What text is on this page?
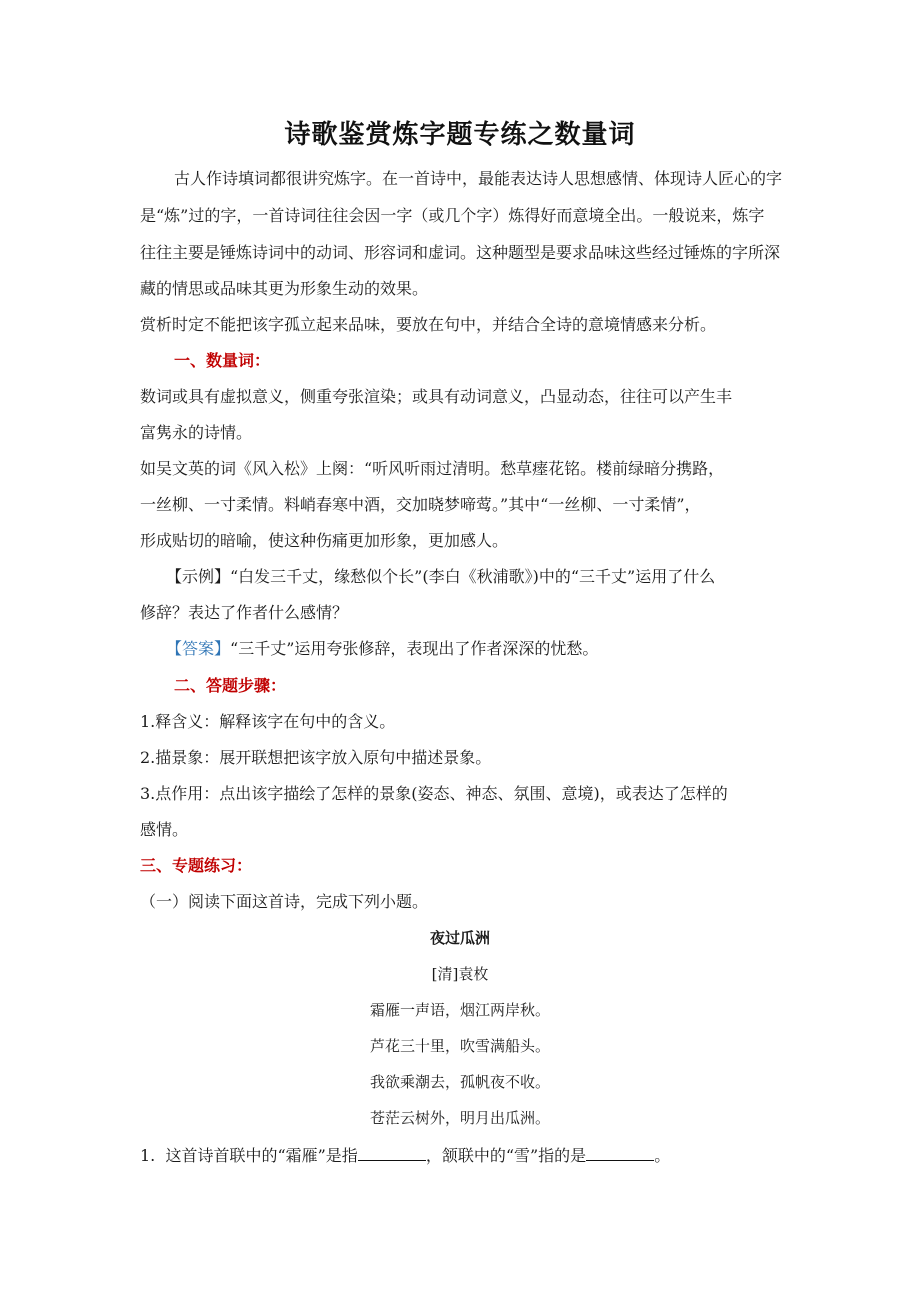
诗歌鉴赏炼字题专练之数量词
古人作诗填词都很讲究炼字。在一首诗中，最能表达诗人思想感情、体现诗人匠心的字
是“炼”过的字，一首诗词往往会因一字（或几个字）炼得好而意境全出。一般说来，炼字
往往主要是锤炼诗词中的动词、形容词和虚词。这种题型是要求品味这些经过锤炼的字所深
藏的情思或品味其更为形象生动的效果。
赏析时定不能把该字孤立起来品味，要放在句中，并结合全诗的意境情感来分析。
一、数量词：
数词或具有虚拟意义，侧重夸张渲染；或具有动词意义，凸显动态，往往可以产生丰
富隽永的诗情。
如吴文英的词《风入松》上阕：“听风听雨过清明。愁草瘗花铭。楼前绿暗分携路，
一丝柳、一寸柔情。料峭春寒中酒，交加晓梦啼莺。”其中“一丝柳、一寸柔情”，
形成贴切的暗喻，使这种伤痛更加形象，更加感人。
【示例】“白发三千丈，缘愁似个长”(李白《秋浦歌》)中的“三千丈”运用了什么
修辞？表达了作者什么感情？
【答案】“三千丈”运用夸张修辞，表现出了作者深深的忧愁。
二、答题步骤：
1.释含义：解释该字在句中的含义。
2.描景象：展开联想把该字放入原句中描述景象。
3.点作用：点出该字描绘了怎样的景象(姿态、神态、氛围、意境)，或表达了怎样的
感情。
三、专题练习：
（一）阅读下面这首诗，完成下列小题。
夜过瓜洲
[清]袁枚
霜雁一声语，烟江两岸秋。
芦花三十里，吹雪满船头。
我欲乘潮去，孤帆夜不收。
苍茫云树外，明月出瓜洲。
1. 这首诗首联中的“霜雁”是指	，颔联中的“雪”指的是	。
